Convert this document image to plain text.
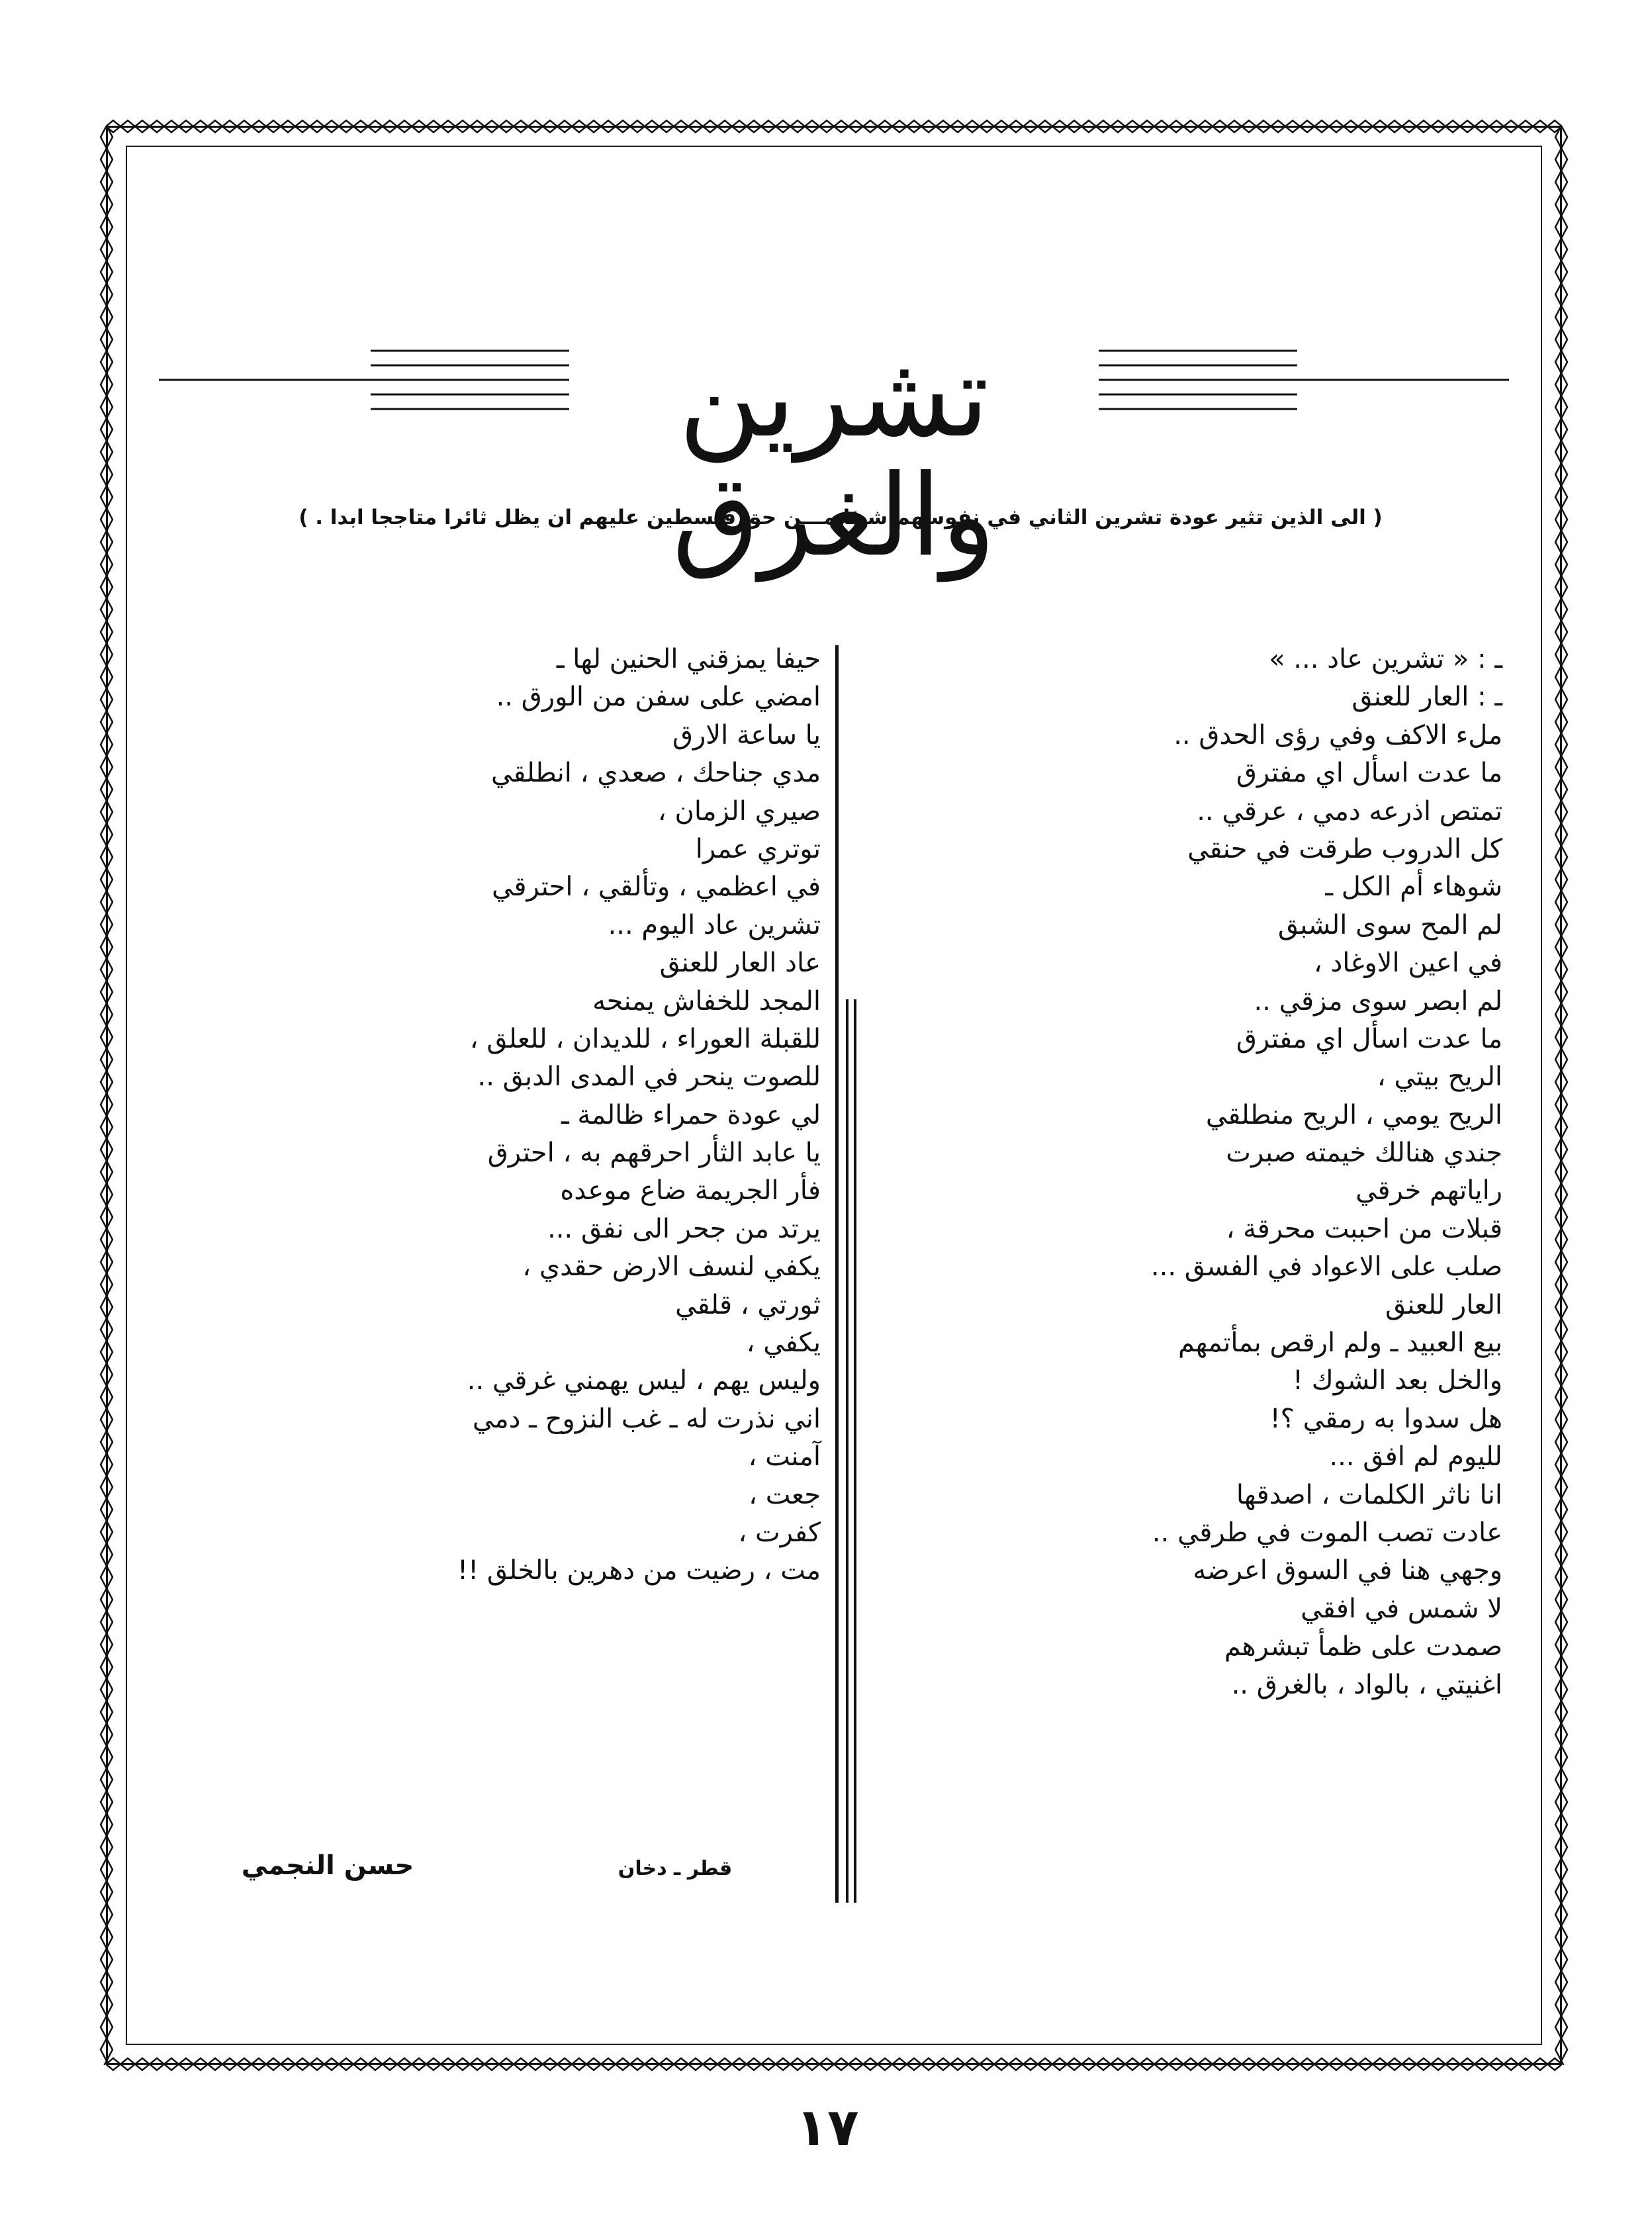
تشرين والغرق
( الى الذين تثير عودة تشرين الثاني في نفوسهم شيئا مـــن حق فلسطين عليهم ان يظل ثائرا متاججا ابدا . )
ـ : « تشرين عاد ... »
ـ : العار للعنق
ملء الاكف وفي رؤى الحدق ..
ما عدت اسأل اي مفترق
تمتص اذرعه دمي ، عرقي ..
كل الدروب طرقت في حنقي
شوهاء أم الكل ـ
لم المح سوى الشبق
في اعين الاوغاد ،
لم ابصر سوى مزقي ..
ما عدت اسأل اي مفترق
الريح بيتي ،
الريح يومي ، الريح منطلقي
جندي هنالك خيمته صبرت
راياتهم خرقي
قبلات من احببت محرقة ،
صلب على الاعواد في الفسق ...
العار للعنق
بيع العبيد ـ ولم ارقص بمأتمهم
والخل بعد الشوك !
هل سدوا به رمقي ؟!
لليوم لم افق ...
انا ناثر الكلمات ، اصدقها
عادت تصب الموت في طرقي ..
وجهي هنا في السوق اعرضه
لا شمس في افقي
صمدت على ظمأ تبشرهم
اغنيتي ، بالواد ، بالغرق ..
حيفا يمزقني الحنين لها ـ
امضي على سفن من الورق ..
يا ساعة الارق
مدي جناحك ، صعدي ، انطلقي
صيري الزمان ،
توتري عمرا
في اعظمي ، وتألقي ، احترقي
تشرين عاد اليوم ...
عاد العار للعنق
المجد للخفاش يمنحه
للقبلة العوراء ، للديدان ، للعلق ،
للصوت ينحر في المدى الدبق ..
لي عودة حمراء ظالمة ـ
يا عابد الثأر احرقهم به ، احترق
فأر الجريمة ضاع موعده
يرتد من جحر الى نفق ...
يكفي لنسف الارض حقدي ،
ثورتي ، قلقي
يكفي ،
وليس يهم ، ليس يهمني غرقي ..
اني نذرت له ـ غب النزوح ـ دمي
آمنت ،
جعت ،
كفرت ،
مت ، رضيت من دهرين بالخلق !!
قطر ـ دخان
حسن النجمي
١٧
